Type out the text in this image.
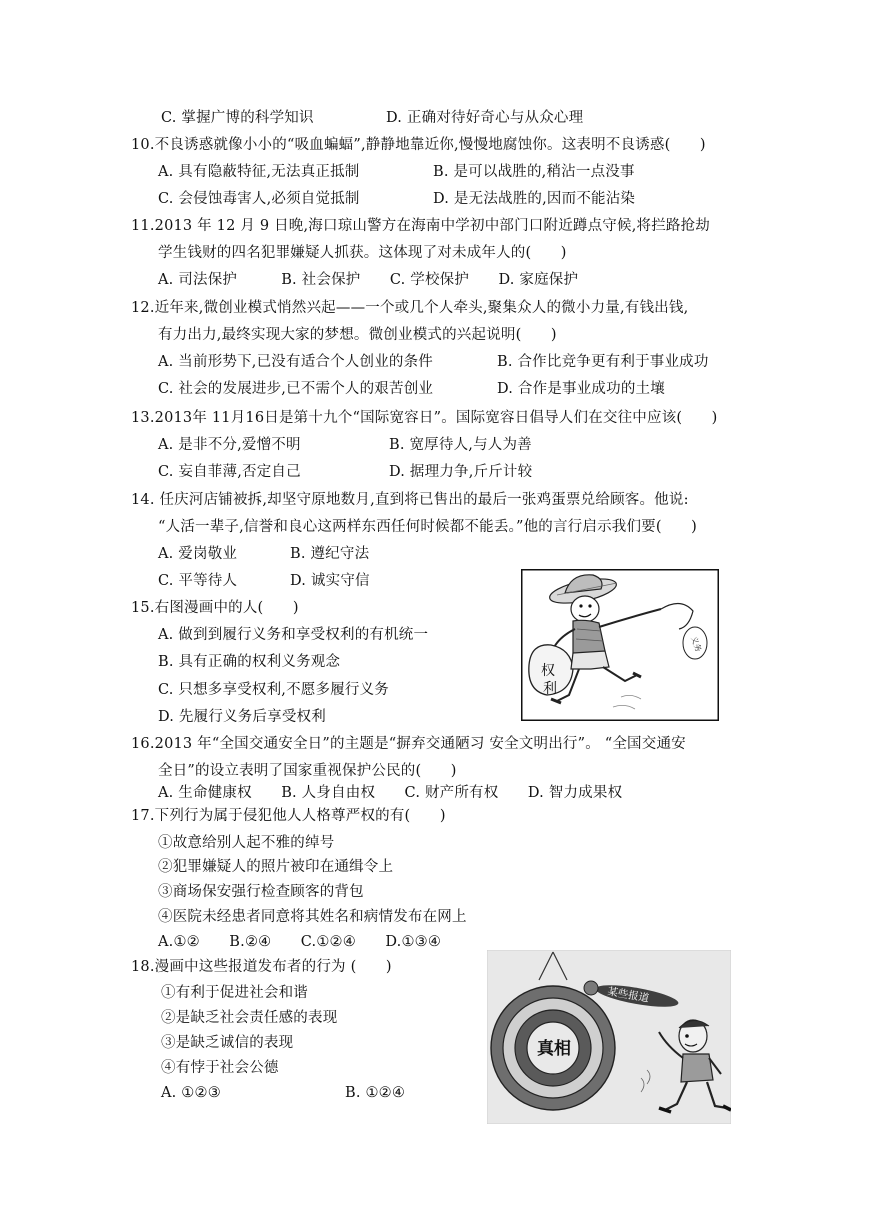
C. 掌握广博的科学知识	D. 正确对待好奇心与从众心理
10.不良诱惑就像小小的“吸血蝙蝠”,静静地靠近你,慢慢地腐蚀你。这表明不良诱惑(　　)
A. 具有隐蔽特征,无法真正抵制	B. 是可以战胜的,稍沾一点没事
C. 会侵蚀毒害人,必须自觉抵制	D. 是无法战胜的,因而不能沾染
11.2013 年 12 月 9 日晚,海口琼山警方在海南中学初中部门口附近蹲点守候,将拦路抢劫
学生钱财的四名犯罪嫌疑人抓获。这体现了对未成年人的(　　)
A. 司法保护　　　B. 社会保护　　C. 学校保护　　D. 家庭保护
12.近年来,微创业模式悄然兴起——一个或几个人牵头,聚集众人的微小力量,有钱出钱,
有力出力,最终实现大家的梦想。微创业模式的兴起说明(　　)
A. 当前形势下,已没有适合个人创业的条件	B. 合作比竞争更有利于事业成功
C. 社会的发展进步,已不需个人的艰苦创业	D. 合作是事业成功的土壤
13.2013年 11月16日是第十九个“国际宽容日”。国际宽容日倡导人们在交往中应该(　　)
A. 是非不分,爱憎不明	B. 宽厚待人,与人为善
C. 妄自菲薄,否定自己	D. 据理力争,斤斤计较
14. 任庆河店铺被拆,却坚守原地数月,直到将已售出的最后一张鸡蛋票兑给顾客。他说:
“人活一辈子,信誉和良心这两样东西任何时候都不能丢。”他的言行启示我们要(　　)
A. 爱岗敬业	B. 遵纪守法
C. 平等待人	D. 诚实守信
15.右图漫画中的人(　　)
A. 做到到履行义务和享受权利的有机统一
B. 具有正确的权利义务观念
C. 只想多享受权利,不愿多履行义务
D. 先履行义务后享受权利
16.2013 年“全国交通安全日”的主题是“摒弃交通陋习 安全文明出行”。 “全国交通安
全日”的设立表明了国家重视保护公民的(　　)
A. 生命健康权　　B. 人身自由权　　C. 财产所有权　　D. 智力成果权
17.下列行为属于侵犯他人人格尊严权的有(　　)
①故意给别人起不雅的绰号
②犯罪嫌疑人的照片被印在通缉令上
③商场保安强行检查顾客的背包
④医院未经患者同意将其姓名和病情发布在网上
A.①②　　B.②④　　C.①②④　　D.①③④
18.漫画中这些报道发布者的行为 (　　)
①有利于促进社会和谐
②是缺乏社会责任感的表现
③是缺乏诚信的表现
④有悖于社会公德
A. ①②③	B. ①②④
权
利
义务
真相
某些报道
